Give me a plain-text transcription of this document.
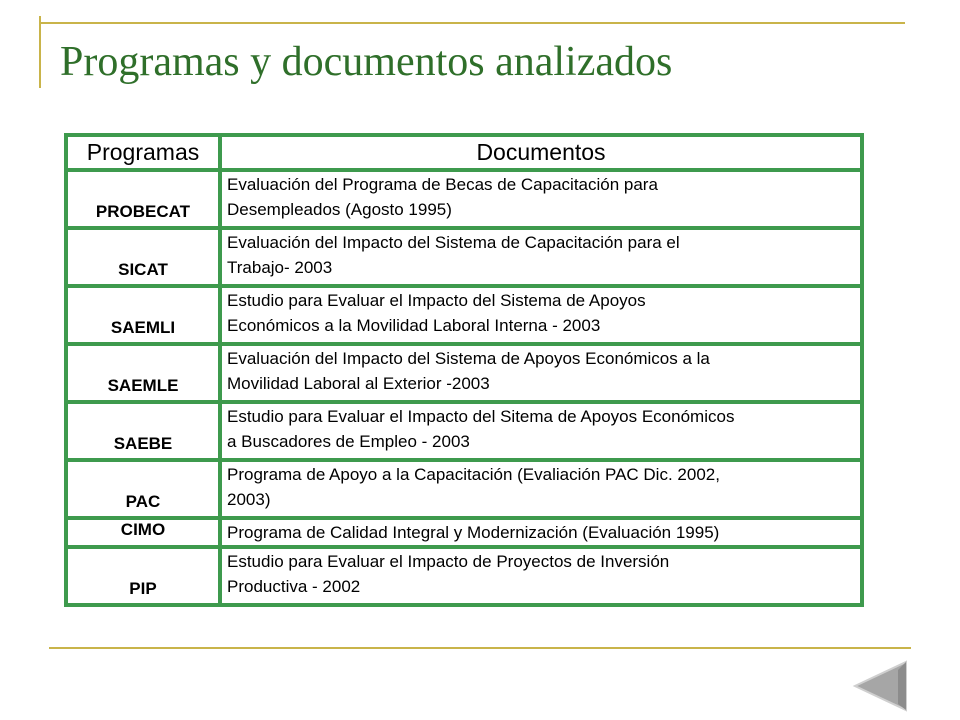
Programas y documentos analizados
Programas	Documentos
PROBECAT	Evaluación del Programa de Becas de Capacitación para
Desempleados (Agosto 1995)

SICAT	Evaluación del Impacto del Sistema de Capacitación para el
Trabajo- 2003

SAEMLI	Estudio para Evaluar el Impacto del Sistema de Apoyos
Económicos a la Movilidad Laboral Interna - 2003

SAEMLE	Evaluación del Impacto del Sistema de Apoyos Económicos a la
Movilidad Laboral al Exterior -2003

SAEBE	Estudio para Evaluar el Impacto del Sitema de Apoyos Económicos
a Buscadores de Empleo - 2003

PAC	Programa de Apoyo a la Capacitación (Evaliación PAC Dic. 2002,
2003)

CIMO	Programa de Calidad Integral y Modernización (Evaluación 1995)

PIP	Estudio para Evaluar el Impacto de Proyectos de Inversión
Productiva - 2002
